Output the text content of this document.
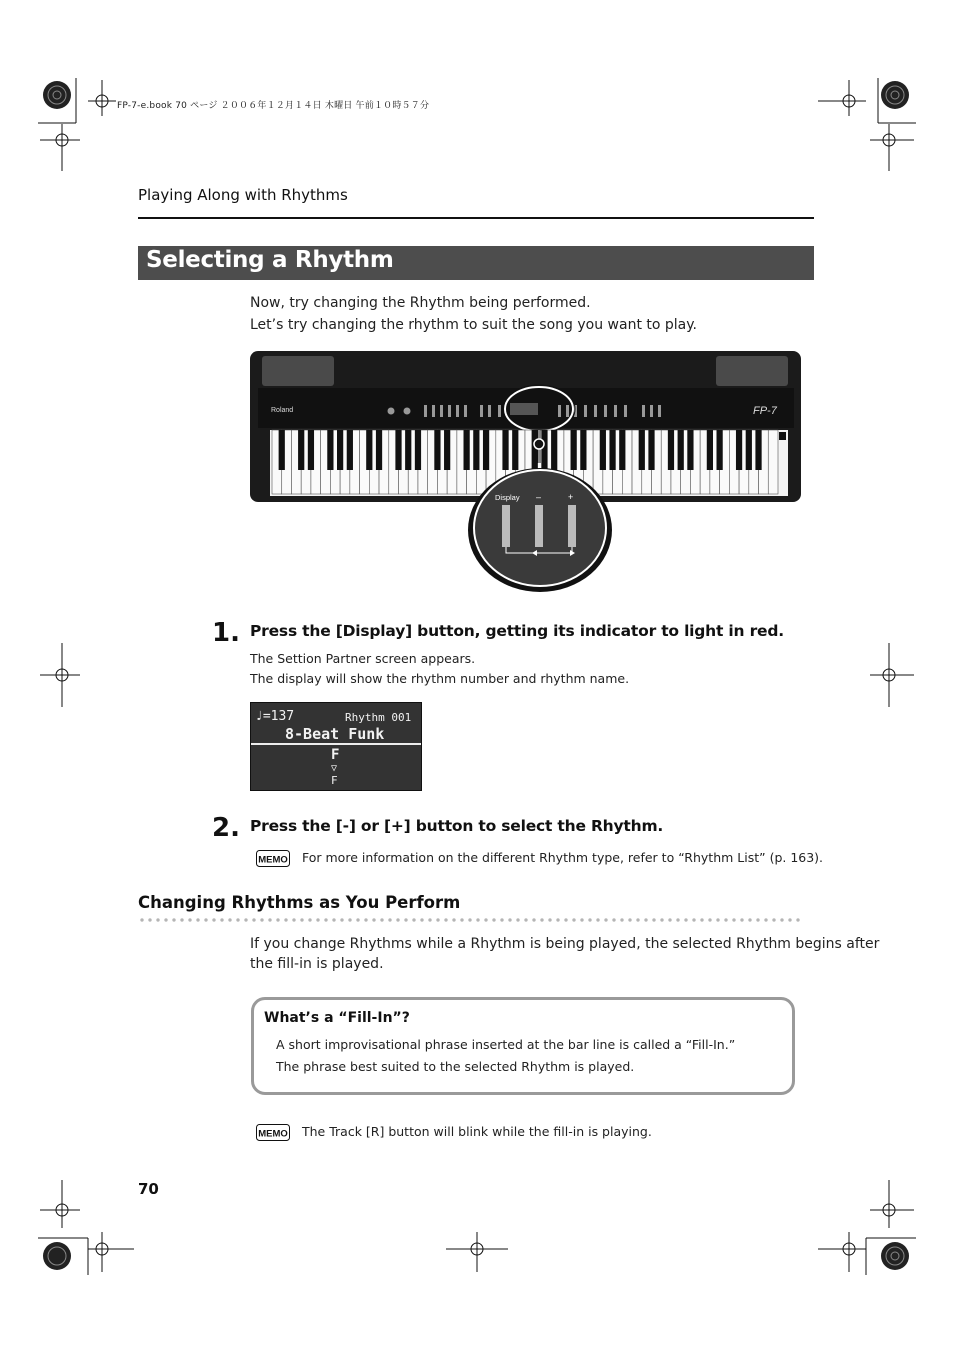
FP-7-e.book 70 ページ ２００６年１２月１４日 木曜日 午前１０時５７分
Playing Along with Rhythms
Selecting a Rhythm
Now, try changing the Rhythm being performed.
Let’s try changing the rhythm to suit the song you want to play.
Roland	FP-7
Display –	+
1. Press the [Display] button, getting its indicator to light in red.
The Settion Partner screen appears.
The display will show the rhythm number and rhythm name.
♩=137	Rhythm 001
8-Beat Funk
F
▽
F
2. Press the [-] or [+] button to select the Rhythm.
MEMO For more information on the different Rhythm type, refer to “Rhythm List” (p. 163).
Changing Rhythms as You Perform
If you change Rhythms while a Rhythm is being played, the selected Rhythm begins after
the fill-in is played.
What’s a “Fill-In”?
A short improvisational phrase inserted at the bar line is called a “Fill-In.”
The phrase best suited to the selected Rhythm is played.
MEMO The Track [R] button will blink while the fill-in is playing.
70
